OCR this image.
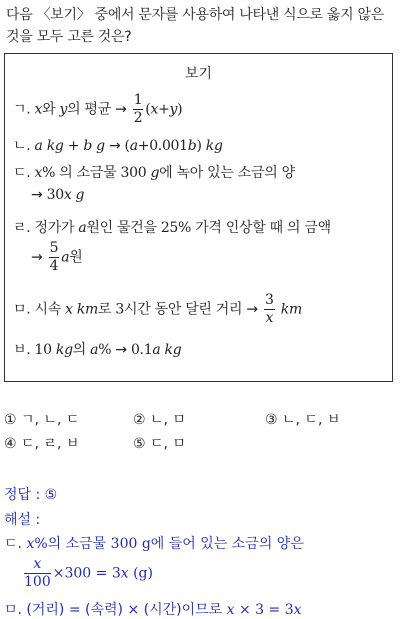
다음 〈보기〉 중에서 문자를 사용하여 나타낸 식으로 옳지 않은 것을 모두 고른 것은?
보기
ㄱ. x와 y의 평균 → $\frac{1}{2} (x+y)$
ㄴ. a kg + b g → (a+0.001b) kg
ㄷ. x% 의 소금물 300 g에 녹아 있는 소금의 양
→ 30x g
ㄹ. 정가가 a원인 물건을 25% 가격 인상할 때 의 금액
→ $\frac{5}{4}$ a원
ㅁ. 시속 x km로 3시간 동안 달린 거리 → $\frac{3}{x}$ km
ㅂ. 10 kg의 a% → 0.1a kg
① ㄱ, ㄴ, ㄷ	② ㄴ, ㅁ	③ ㄴ, ㄷ, ㅂ
④ ㄷ, ㄹ, ㅂ	⑤ ㄷ, ㅁ
정답 : ⑤
해설 :
ㄷ. x%의 소금물 300 g에 들어 있는 소금의 양은
$\frac{x}{100} \times 300 = 3x$ (g)
ㅁ. (거리) = (속력) × (시간)이므로 x × 3 = 3x
